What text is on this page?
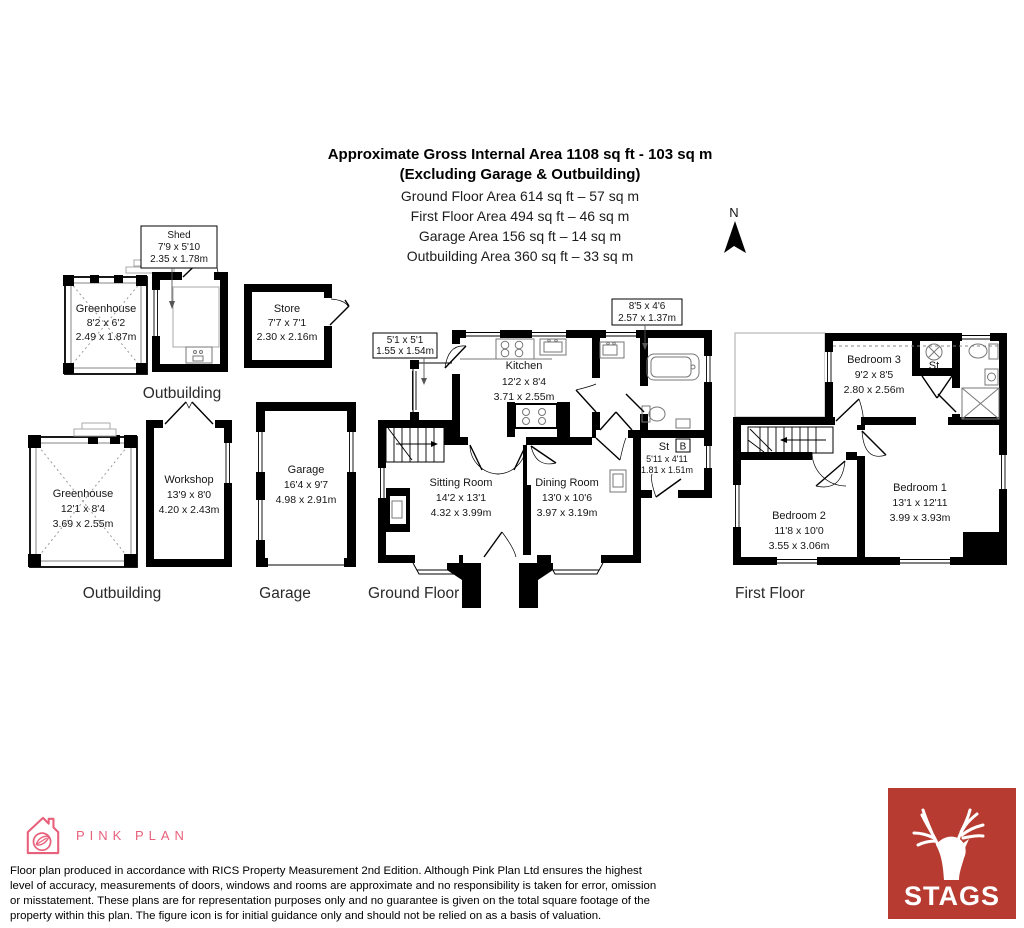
Approximate Gross Internal Area 1108 sq ft - 103 sq m

(Excluding Garage & Outbuilding)

Ground Floor Area 614 sq ft – 57 sq m

First Floor Area 494 sq ft – 46 sq m

Garage Area 156 sq ft – 14 sq m

Outbuilding Area 360 sq ft – 33 sq m

N
Greenhouse
8'2 x 6'2
2.49 x 1.87m
Shed
7'9 x 5'10
2.35 x 1.78m
Store
7'7 x 7'1
2.30 x 2.16m
Outbuilding
Greenhouse
12'1 x 8'4
3.69 x 2.55m
Workshop
13'9 x 8'0
4.20 x 2.43m
Garage
16'4 x 9'7
4.98 x 2.91m
Outbuilding	Garage
5'1 x 5'1
1.55 x 1.54m
8'5 x 4'6
2.57 x 1.37m
Kitchen
12'2 x 8'4
3.71 x 2.55m
Sitting Room
14'2 x 13'1
4.32 x 3.99m
Dining Room
13'0 x 10'6
3.97 x 3.19m
St B
5'11 x 4'11
1.81 x 1.51m
Ground Floor
Bedroom 3
9'2 x 8'5
2.80 x 2.56m
St
Bedroom 2
11'8 x 10'0
3.55 x 3.06m
Bedroom 1
13'1 x 12'11
3.99 x 3.93m
First Floor
PINK PLAN

Floor plan produced in accordance with RICS Property Measurement 2nd Edition. Although Pink Plan Ltd ensures the highest level of accuracy, measurements of doors, windows and rooms are approximate and no responsibility is taken for error, omission or misstatement. These plans are for representation purposes only and no guarantee is given on the total square footage of the property within this plan. The figure icon is for initial guidance only and should not be relied on as a basis of valuation.

STAGS
